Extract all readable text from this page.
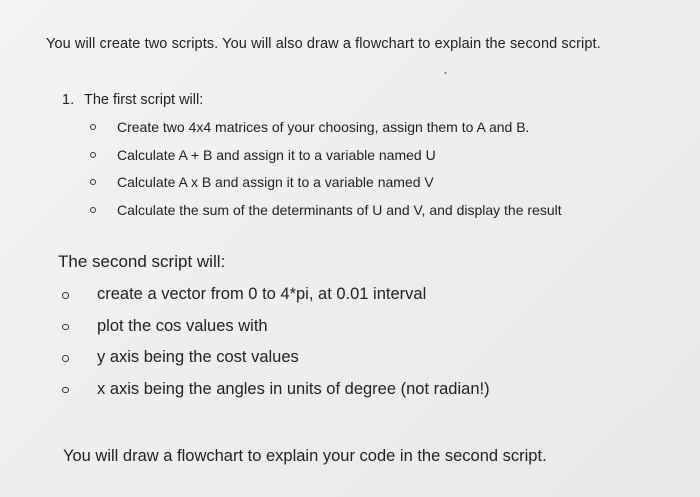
You will create two scripts. You will also draw a flowchart to explain the second script.
1. The first script will:
Create two 4x4 matrices of your choosing, assign them to A and B.
Calculate A + B and assign it to a variable named U
Calculate A x B and assign it to a variable named V
Calculate the sum of the determinants of U and V, and display the result
The second script will:
create a vector from 0 to 4*pi, at 0.01 interval
plot the cos values with
y axis being the cost values
x axis being the angles in units of degree (not radian!)
You will draw a flowchart to explain your code in the second script.
